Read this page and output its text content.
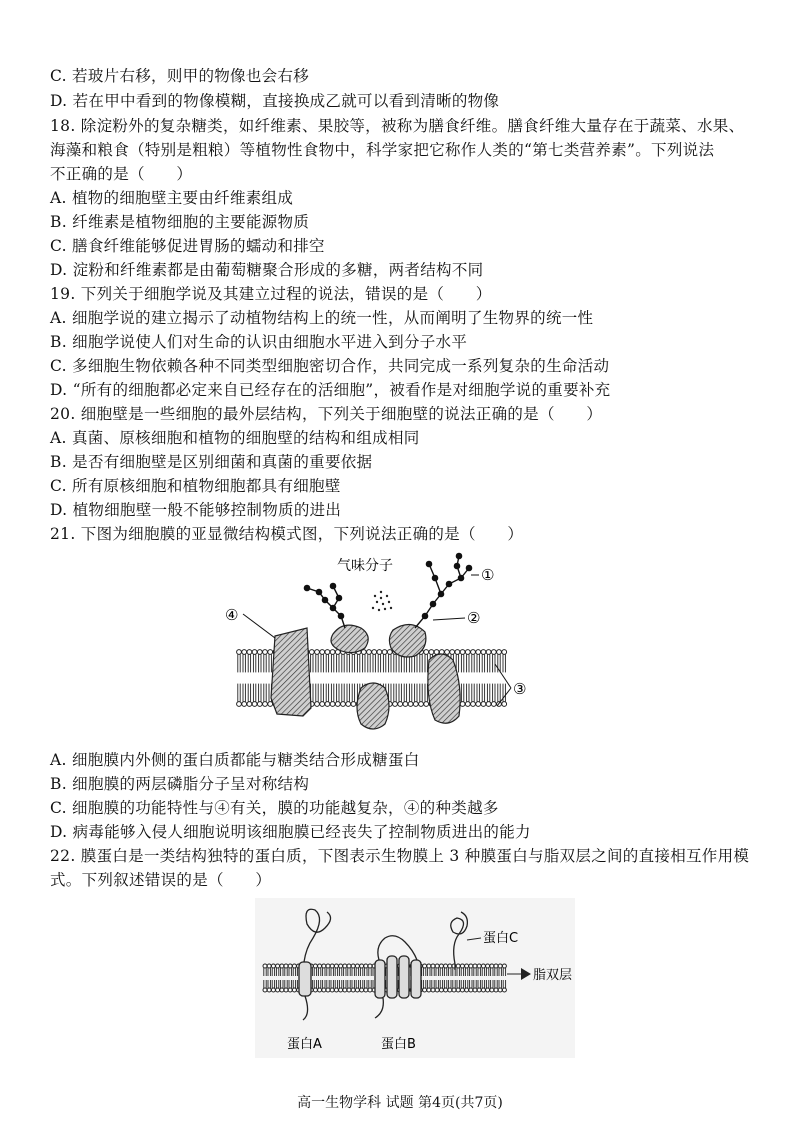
C. 若玻片右移，则甲的物像也会右移
D. 若在甲中看到的物像模糊，直接换成乙就可以看到清晰的物像
18. 除淀粉外的复杂糖类，如纤维素、果胶等，被称为膳食纤维。膳食纤维大量存在于蔬菜、水果、
海藻和粮食（特别是粗粮）等植物性食物中，科学家把它称作人类的“第七类营养素”。下列说法
不正确的是（　　）
A. 植物的细胞壁主要由纤维素组成
B. 纤维素是植物细胞的主要能源物质
C. 膳食纤维能够促进胃肠的蠕动和排空
D. 淀粉和纤维素都是由葡萄糖聚合形成的多糖，两者结构不同
19. 下列关于细胞学说及其建立过程的说法，错误的是（　　）
A. 细胞学说的建立揭示了动植物结构上的统一性，从而阐明了生物界的统一性
B. 细胞学说使人们对生命的认识由细胞水平进入到分子水平
C. 多细胞生物依赖各种不同类型细胞密切合作，共同完成一系列复杂的生命活动
D. “所有的细胞都必定来自已经存在的活细胞”，被看作是对细胞学说的重要补充
20. 细胞壁是一些细胞的最外层结构，下列关于细胞壁的说法正确的是（　　）
A. 真菌、原核细胞和植物的细胞壁的结构和组成相同
B. 是否有细胞壁是区别细菌和真菌的重要依据
C. 所有原核细胞和植物细胞都具有细胞壁
D. 植物细胞壁一般不能够控制物质的进出
21. 下图为细胞膜的亚显微结构模式图，下列说法正确的是（　　）
气味分子	①
②
③
④
A. 细胞膜内外侧的蛋白质都能与糖类结合形成糖蛋白
B. 细胞膜的两层磷脂分子呈对称结构
C. 细胞膜的功能特性与④有关，膜的功能越复杂，④的种类越多
D. 病毒能够入侵人细胞说明该细胞膜已经丧失了控制物质进出的能力
22. 膜蛋白是一类结构独特的蛋白质，下图表示生物膜上 3 种膜蛋白与脂双层之间的直接相互作用模
式。下列叙述错误的是（　　）
蛋白C
脂双层
蛋白A	蛋白B
高一生物学科 试题 第4页(共7页)
